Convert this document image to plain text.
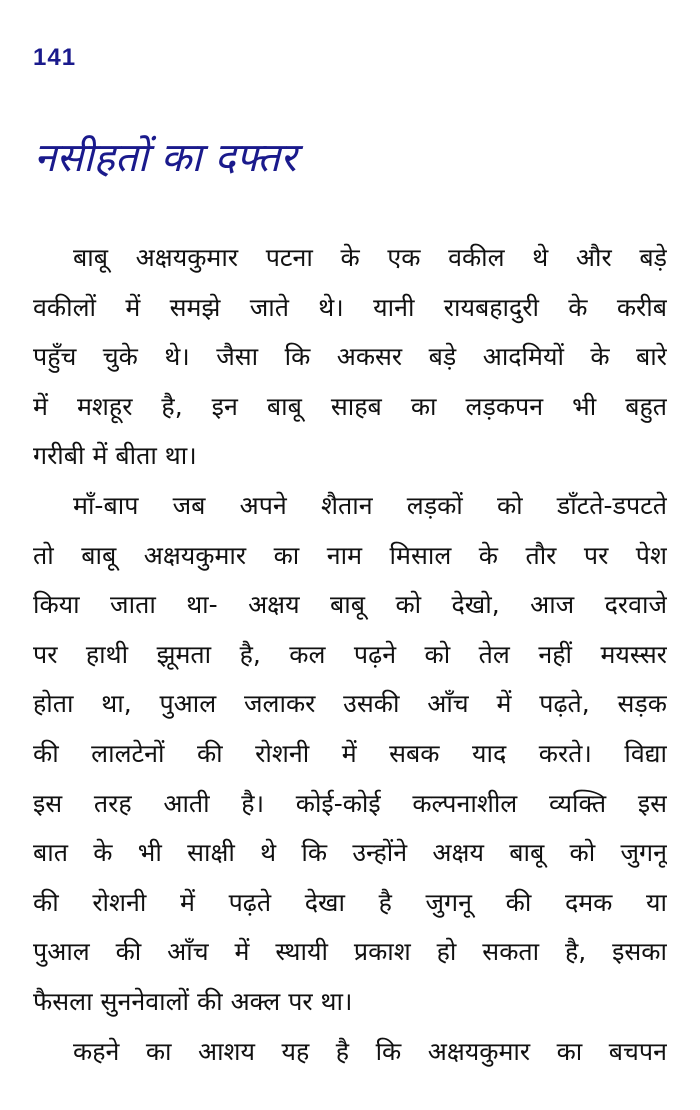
141
नसीहतों का दफ्तर
बाबू अक्षयकुमार पटना के एक वकील थे और बड़े
वकीलों में समझे जाते थे। यानी रायबहादुरी के करीब
पहुँच चुके थे। जैसा कि अकसर बड़े आदमियों के बारे
में मशहूर है, इन बाबू साहब का लड़कपन भी बहुत
गरीबी में बीता था।
माँ-बाप जब अपने शैतान लड़कों को डाँटते-डपटते
तो बाबू अक्षयकुमार का नाम मिसाल के तौर पर पेश
किया जाता था- अक्षय बाबू को देखो, आज दरवाजे
पर हाथी झूमता है, कल पढ़ने को तेल नहीं मयस्सर
होता था, पुआल जलाकर उसकी आँच में पढ़ते, सड़क
की लालटेनों की रोशनी में सबक याद करते। विद्या
इस तरह आती है। कोई-कोई कल्पनाशील व्यक्ति इस
बात के भी साक्षी थे कि उन्होंने अक्षय बाबू को जुगनू
की रोशनी में पढ़ते देखा है जुगनू की दमक या
पुआल की आँच में स्थायी प्रकाश हो सकता है, इसका
फैसला सुननेवालों की अक्ल पर था।
कहने का आशय यह है कि अक्षयकुमार का बचपन
